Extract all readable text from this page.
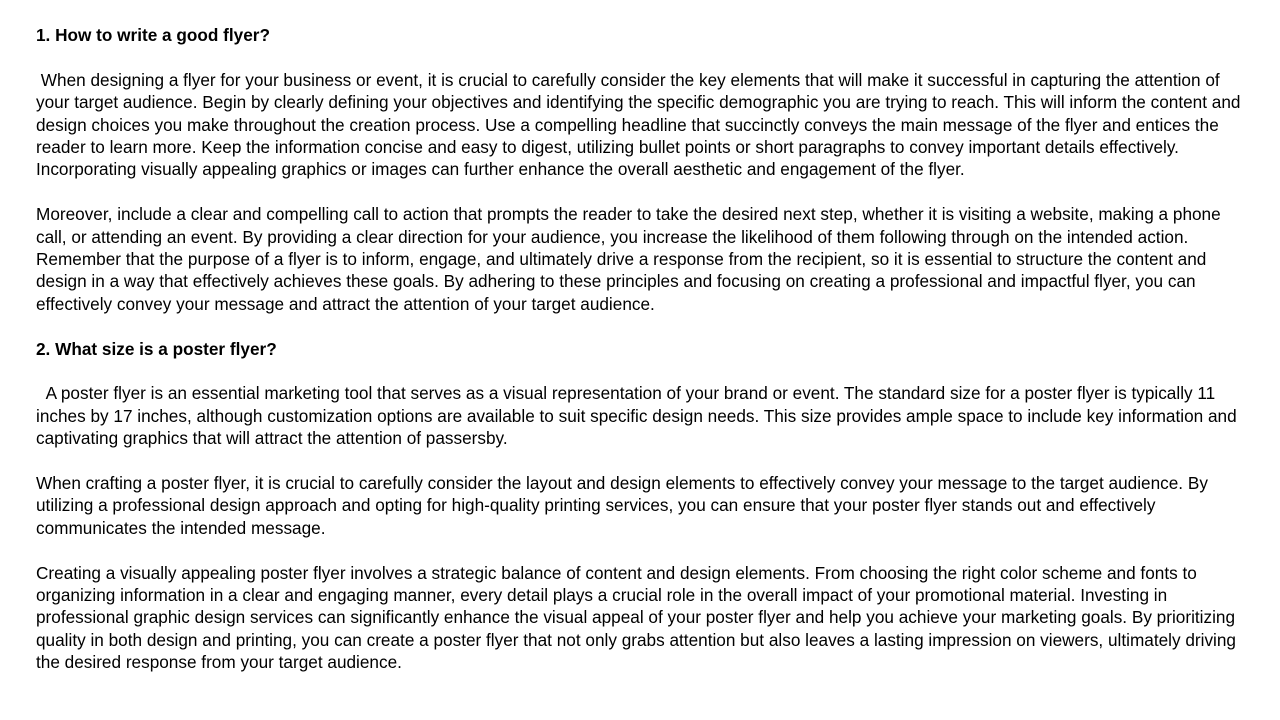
1. How to write a good flyer?

When designing a flyer for your business or event, it is crucial to carefully consider the key elements that will make it successful in capturing the attention of your target audience. Begin by clearly defining your objectives and identifying the specific demographic you are trying to reach. This will inform the content and design choices you make throughout the creation process. Use a compelling headline that succinctly conveys the main message of the flyer and entices the reader to learn more. Keep the information concise and easy to digest, utilizing bullet points or short paragraphs to convey important details effectively. Incorporating visually appealing graphics or images can further enhance the overall aesthetic and engagement of the flyer.

Moreover, include a clear and compelling call to action that prompts the reader to take the desired next step, whether it is visiting a website, making a phone call, or attending an event. By providing a clear direction for your audience, you increase the likelihood of them following through on the intended action. Remember that the purpose of a flyer is to inform, engage, and ultimately drive a response from the recipient, so it is essential to structure the content and design in a way that effectively achieves these goals. By adhering to these principles and focusing on creating a professional and impactful flyer, you can effectively convey your message and attract the attention of your target audience.

2. What size is a poster flyer?

A poster flyer is an essential marketing tool that serves as a visual representation of your brand or event. The standard size for a poster flyer is typically 11 inches by 17 inches, although customization options are available to suit specific design needs. This size provides ample space to include key information and captivating graphics that will attract the attention of passersby.

When crafting a poster flyer, it is crucial to carefully consider the layout and design elements to effectively convey your message to the target audience. By utilizing a professional design approach and opting for high-quality printing services, you can ensure that your poster flyer stands out and effectively communicates the intended message.

Creating a visually appealing poster flyer involves a strategic balance of content and design elements. From choosing the right color scheme and fonts to organizing information in a clear and engaging manner, every detail plays a crucial role in the overall impact of your promotional material. Investing in professional graphic design services can significantly enhance the visual appeal of your poster flyer and help you achieve your marketing goals. By prioritizing quality in both design and printing, you can create a poster flyer that not only grabs attention but also leaves a lasting impression on viewers, ultimately driving the desired response from your target audience.
